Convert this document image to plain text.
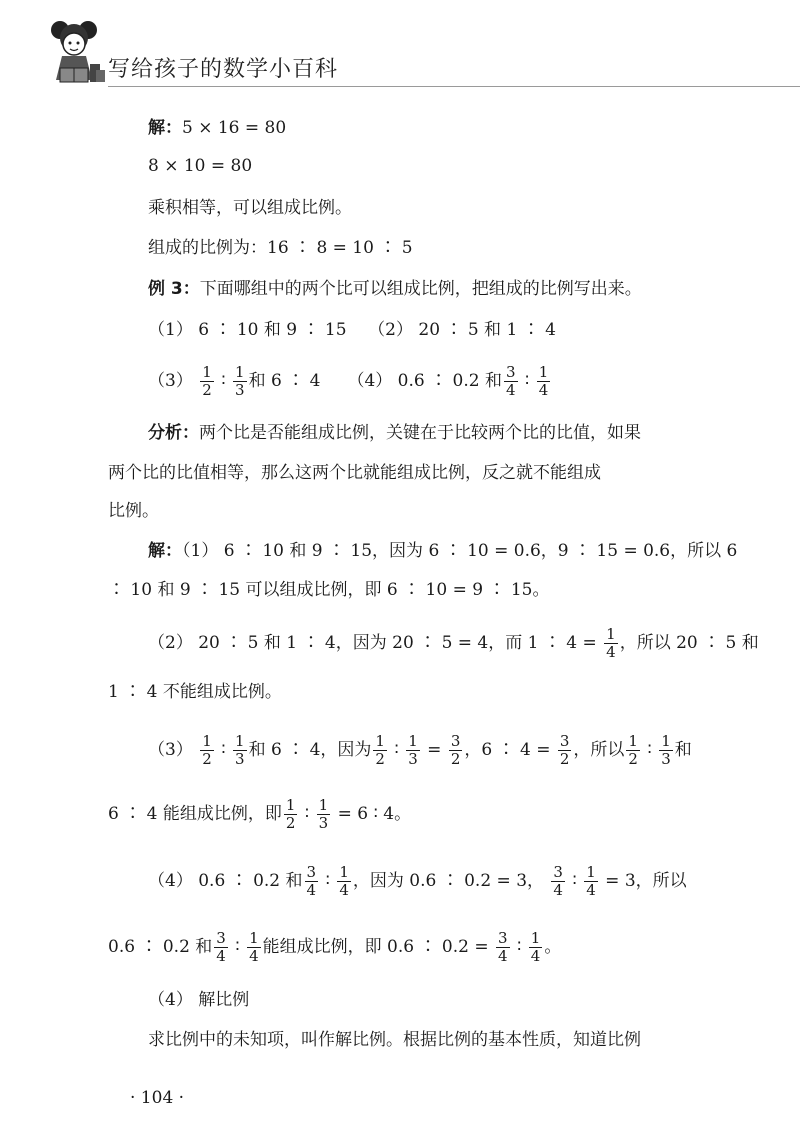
写给孩子的数学小百科
解：5 × 16 = 80
8 × 10 = 80
乘积相等，可以组成比例。
组成的比例为：16 ∶ 8 = 10 ∶ 5
例 3：下面哪组中的两个比可以组成比例，把组成的比例写出来。
（1） 6 ∶ 10 和 9 ∶ 15 （2） 20 ∶ 5 和 1 ∶ 4
$(3) \frac{1}{2}$ ∶ $\frac{1}{3}$ 和 6 ∶ 4 （4） 0.6 ∶ 0.2 和 $\frac{3}{4}$ ∶ $\frac{1}{4}$
分析：两个比是否能组成比例，关键在于比较两个比的比值，如果
两个比的比值相等，那么这两个比就能组成比例，反之就不能组成
比例。
解：（1） 6 ∶ 10 和 9 ∶ 15，因为 6 ∶ 10 = 0.6，9 ∶ 15 = 0.6，所以 6
∶ 10 和 9 ∶ 15 可以组成比例，即 6 ∶ 10 = 9 ∶ 15。
（2） 20 ∶ 5 和 1 ∶ 4，因为 20 ∶ 5 = 4，而 1 ∶ $4 = \frac{1}{4}$ ，所以 20 ∶ 5 和
1 ∶ 4 不能组成比例。
$(3) \frac{1}{2}$ ∶ $\frac{1}{3}$ 和 6 ∶ 4，因为 $\frac{1}{2}$ ∶ $\frac{1}{3} = \frac{3}{2}$ ，6 ∶ $4 = \frac{3}{2}$ ，所以 $\frac{1}{2}$ ∶ $\frac{1}{3}$ 和
6 ∶ 4 能组成比例，即 $\frac{1}{2}$ ∶ $\frac{1}{3} = 6$ ∶ 4。
（4） 0.6 ∶ 0.2 和 $\frac{3}{4}$ ∶ $\frac{1}{4}$ ，因为 0.6 ∶ 0.2 = 3， $\frac{3}{4}$ ∶ $\frac{1}{4} = 3$，所以
0.6 ∶ 0.2 和 $\frac{3}{4}$ ∶ $\frac{1}{4}$ 能组成比例，即 0.6 ∶ $0.2 = \frac{3}{4}$ ∶ $\frac{1}{4}$ 。
（4） 解比例
求比例中的未知项，叫作解比例。根据比例的基本性质，知道比例
· 104 ·
